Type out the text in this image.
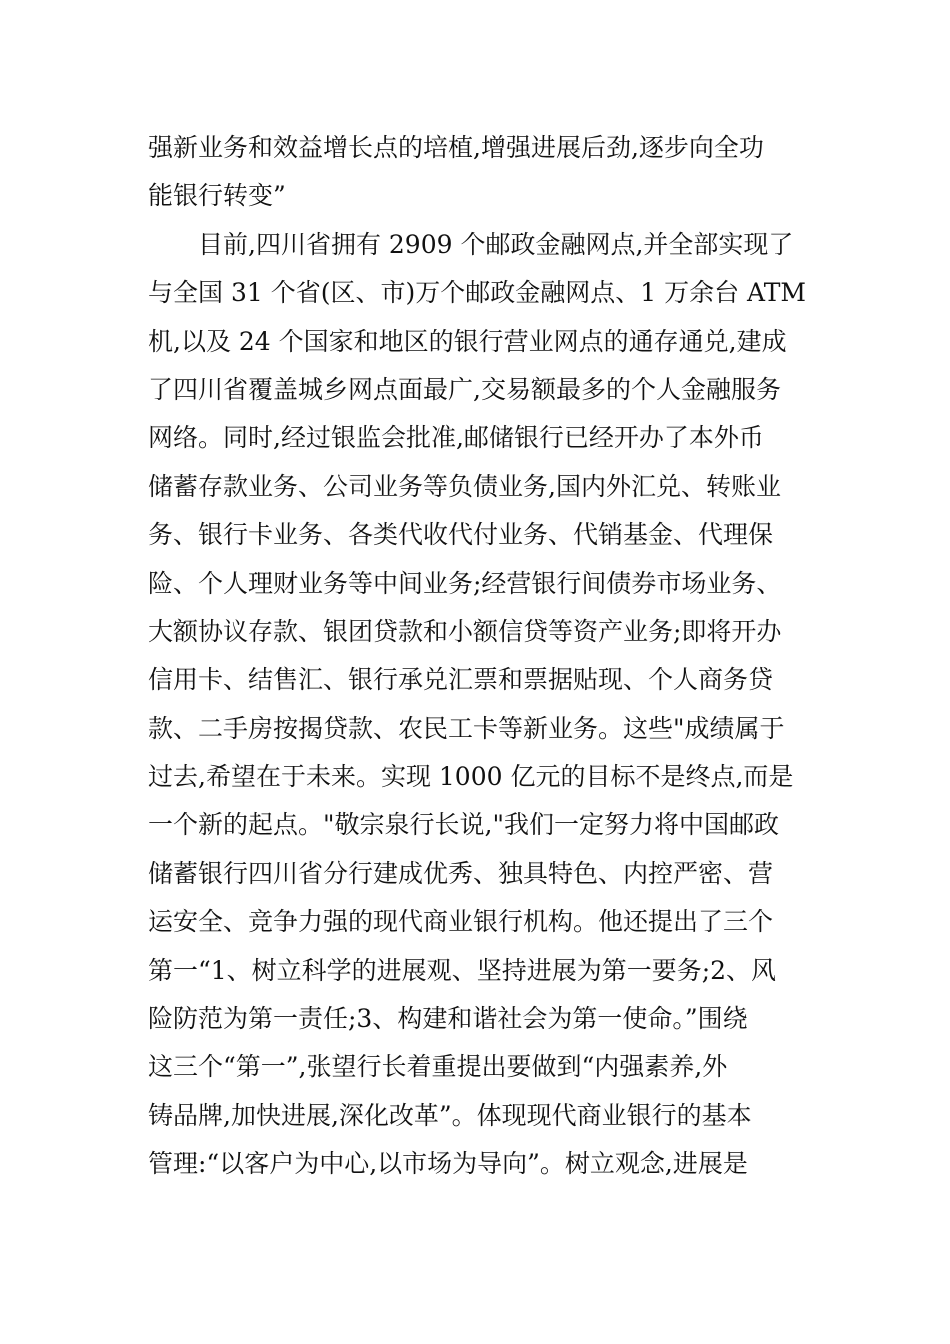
强新业务和效益增长点的培植,增强进展后劲,逐步向全功
能银行转变”
　　目前,四川省拥有 2909 个邮政金融网点,并全部实现了
与全国 31 个省(区、市)万个邮政金融网点、1 万余台 ATM
机,以及 24 个国家和地区的银行营业网点的通存通兑,建成
了四川省覆盖城乡网点面最广,交易额最多的个人金融服务
网络。同时,经过银监会批准,邮储银行已经开办了本外币
储蓄存款业务、公司业务等负债业务,国内外汇兑、转账业
务、银行卡业务、各类代收代付业务、代销基金、代理保
险、个人理财业务等中间业务;经营银行间债券市场业务、
大额协议存款、银团贷款和小额信贷等资产业务;即将开办
信用卡、结售汇、银行承兑汇票和票据贴现、个人商务贷
款、二手房按揭贷款、农民工卡等新业务。这些"成绩属于
过去,希望在于未来。实现 1000 亿元的目标不是终点,而是
一个新的起点。"敬宗泉行长说,"我们一定努力将中国邮政
储蓄银行四川省分行建成优秀、独具特色、内控严密、营
运安全、竞争力强的现代商业银行机构。他还提出了三个
第一“1、树立科学的进展观、坚持进展为第一要务;2、风
险防范为第一责任;3、构建和谐社会为第一使命。”围绕
这三个“第一”,张望行长着重提出要做到“内强素养,外
铸品牌,加快进展,深化改革”。体现现代商业银行的基本
管理:“以客户为中心,以市场为导向”。树立观念,进展是
